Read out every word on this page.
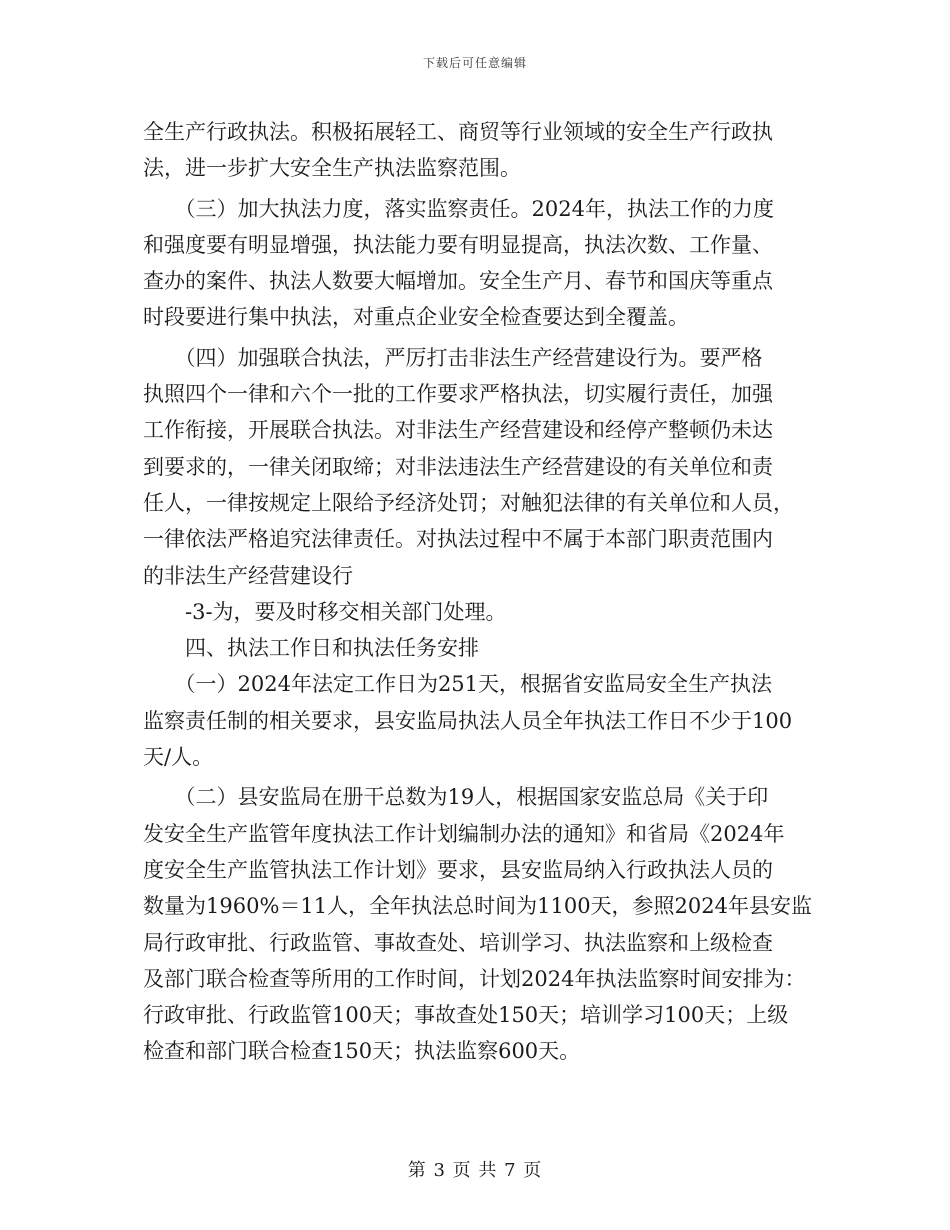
下载后可任意编辑
全生产行政执法。积极拓展轻工、商贸等行业领域的安全生产行政执
法，进一步扩大安全生产执法监察范围。
　　（三）加大执法力度，落实监察责任。2024年，执法工作的力度
和强度要有明显增强，执法能力要有明显提高，执法次数、工作量、
查办的案件、执法人数要大幅增加。安全生产月、春节和国庆等重点
时段要进行集中执法，对重点企业安全检查要达到全覆盖。
　　（四）加强联合执法，严厉打击非法生产经营建设行为。要严格
执照四个一律和六个一批的工作要求严格执法，切实履行责任，加强
工作衔接，开展联合执法。对非法生产经营建设和经停产整顿仍未达
到要求的，一律关闭取缔；对非法违法生产经营建设的有关单位和责
任人，一律按规定上限给予经济处罚；对触犯法律的有关单位和人员，
一律依法严格追究法律责任。对执法过程中不属于本部门职责范围内
的非法生产经营建设行
　　-3-为，要及时移交相关部门处理。
　　四、执法工作日和执法任务安排
　　（一）2024年法定工作日为251天，根据省安监局安全生产执法
监察责任制的相关要求，县安监局执法人员全年执法工作日不少于100
天/人。
　　（二）县安监局在册干总数为19人，根据国家安监总局《关于印
发安全生产监管年度执法工作计划编制办法的通知》和省局《2024年
度安全生产监管执法工作计划》要求，县安监局纳入行政执法人员的
数量为1960%＝11人，全年执法总时间为1100天，参照2024年县安监
局行政审批、行政监管、事故查处、培训学习、执法监察和上级检查
及部门联合检查等所用的工作时间，计划2024年执法监察时间安排为：
行政审批、行政监管100天；事故查处150天；培训学习100天；上级
检查和部门联合检查150天；执法监察600天。
第 3 页 共 7 页
